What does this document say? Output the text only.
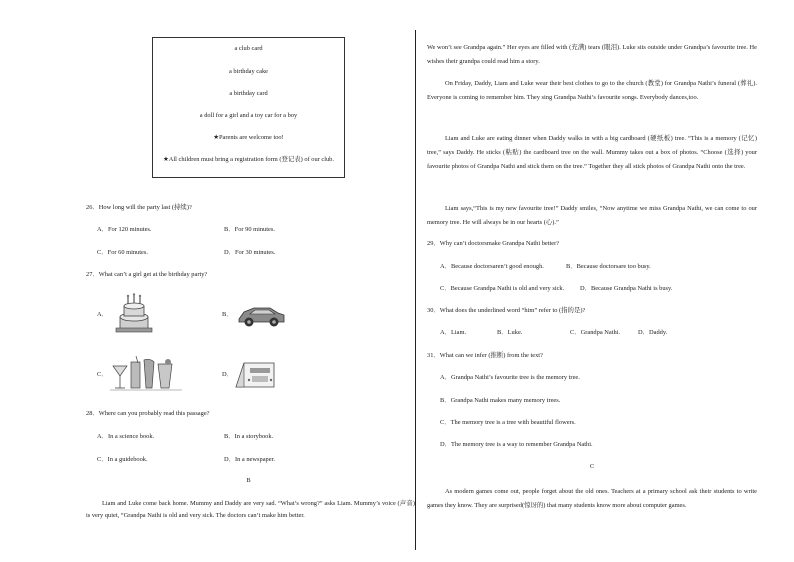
a club card
a birthday cake
a birthday card
a doll for a girl and a toy car for a boy
★Parents are welcome too!
★All children must bring a registration form (登记表) of our club.
26．How long will the party last (持续)?
A．For 120 minutes.	B．For 90 minutes.
C．For 60 minutes.	D．For 30 minutes.
27．What can’t a girl get at the birthday party?
A．	B．
C．	D．
28．Where can you probably read this passage?
A．In a science book.	B．In a storybook.
C．In a guidebook.	D．In a newspaper.
B
Liam and Luke come back home. Mummy and Daddy are very sad. “What’s wrong?” asks Liam. Mummy’s voice (声音) is very quiet, “Grandpa Nathi is old and very sick. The doctors can’t make him better.
We won’t see Grandpa again.” Her eyes are filled with (充满) tears (眼泪). Luke sits outside under Grandpa’s favourite tree. He wishes their grandpa could read him a story.
On Friday, Daddy, Liam and Luke wear their best clothes to go to the church (教堂) for Grandpa Nathi’s funeral (葬礼). Everyone is coming to remember him. They sing Grandpa Nathi’s favourite songs. Everybody dances,too.
Liam and Luke are eating dinner when Daddy walks in with a big cardboard (硬纸板) tree. “This is a memory (记忆) tree,” says Daddy. He sticks (粘贴) the cardboard tree on the wall. Mummy takes out a box of photos. “Choose (选择) your favourite photos of Grandpa Nathi and stick them on the tree.” Together they all stick photos of Grandpa Nathi onto the tree.
Liam says,“This is my new favourite tree!” Daddy smiles, “Now anytime we miss Grandpa Nathi, we can come to our memory tree. He will always be in our hearts (心).”
29．Why can’t doctorsmake Grandpa Nathi better?
A．Because doctorsaren’t good enough.	B．Because doctorsare too busy.
C．Because Grandpa Nathi is old and very sick. D．Because Grandpa Nathi is busy.
30．What does the underlined word “him” refer to (指的是)?
A．Liam.	B．Luke.	C．Grandpa Nathi.	D．Daddy.
31．What can we infer (推断) from the text?
A．Grandpa Nathi’s favourite tree is the memory tree.
B．Grandpa Nathi makes many memory trees.
C．The memory tree is a tree with beautiful flowers.
D．The memory tree is a way to remember Grandpa Nathi.
C
As modern games come out, people forget about the old ones. Teachers at a primary school ask their students to write games they know. They are surprised(惊讶的) that many students know more about computer games.
